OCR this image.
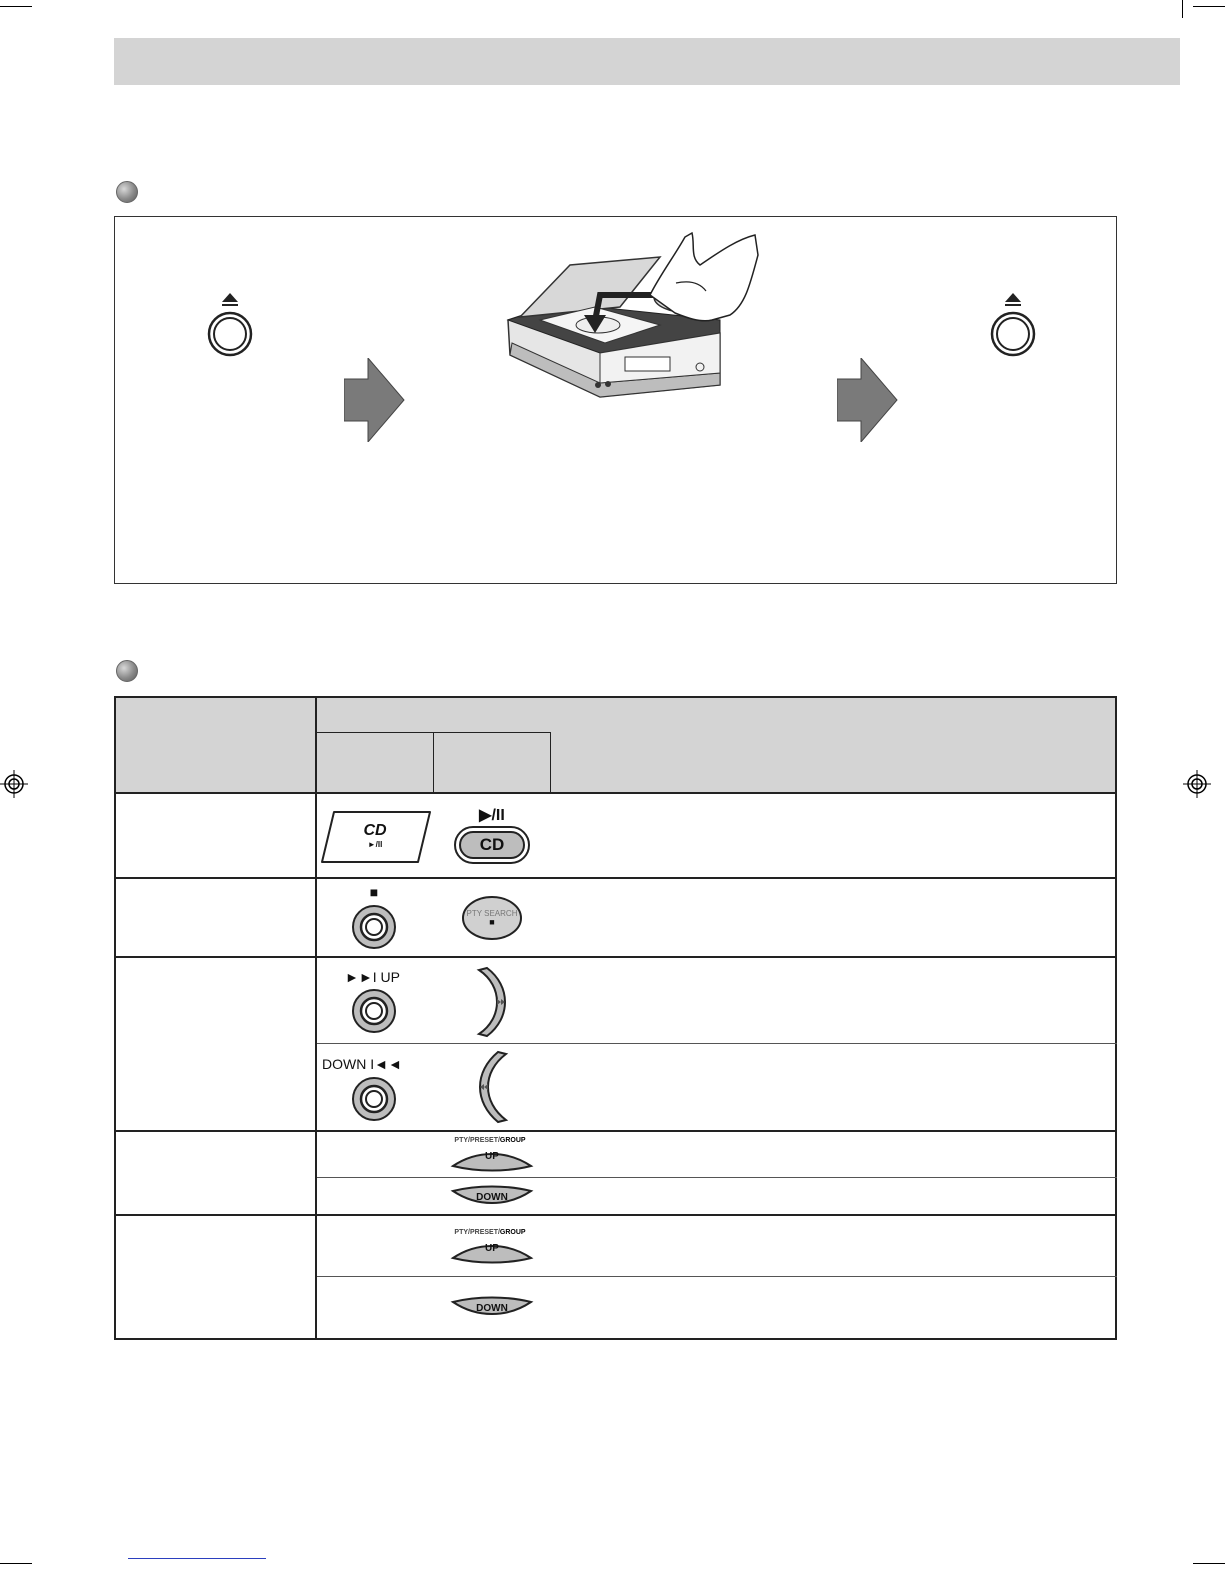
CD
►/II
▶/II
CD
■
PTY SEARCH
■
►►I UP
DOWN I◄◄
PTY/PRESET/GROUP
UP
DOWN
PTY/PRESET/GROUP
UP
DOWN
